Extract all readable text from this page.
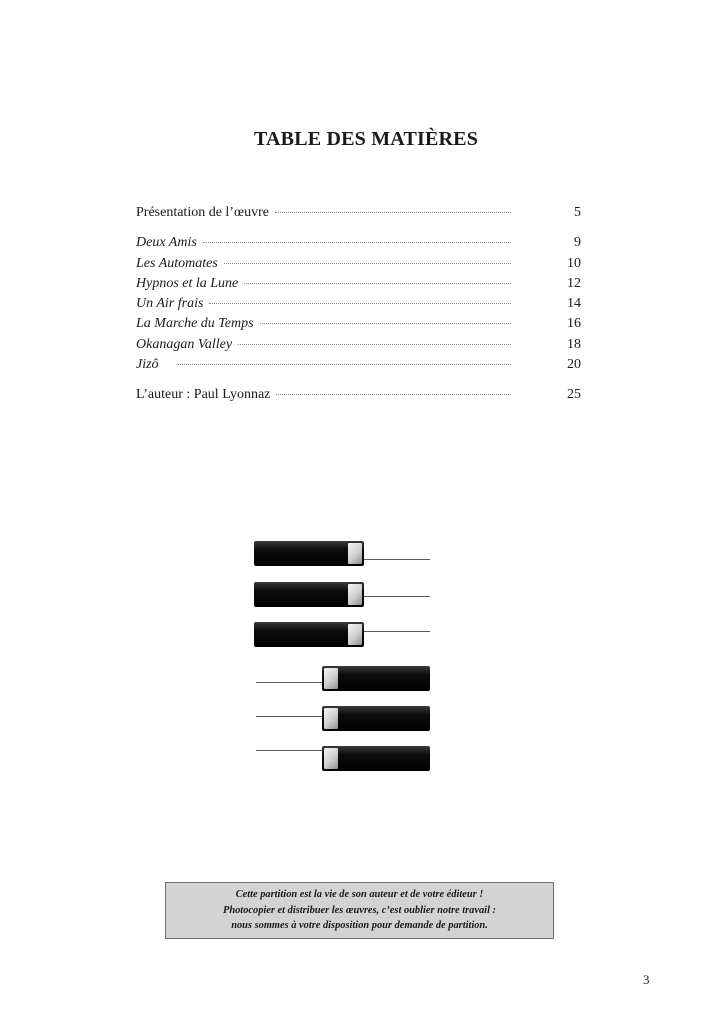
TABLE DES MATIÈRES
Présentation de l’œuvre	5
Deux Amis	9
Les Automates	10
Hypnos et la Lune	12
Un Air frais	14
La Marche du Temps	16
Okanagan Valley	18
Jizô	20
L’auteur : Paul Lyonnaz	25
Cette partition est la vie de son auteur et de votre éditeur !
Photocopier et distribuer les œuvres, c’est oublier notre travail :
nous sommes à votre disposition pour demande de partition.
3
